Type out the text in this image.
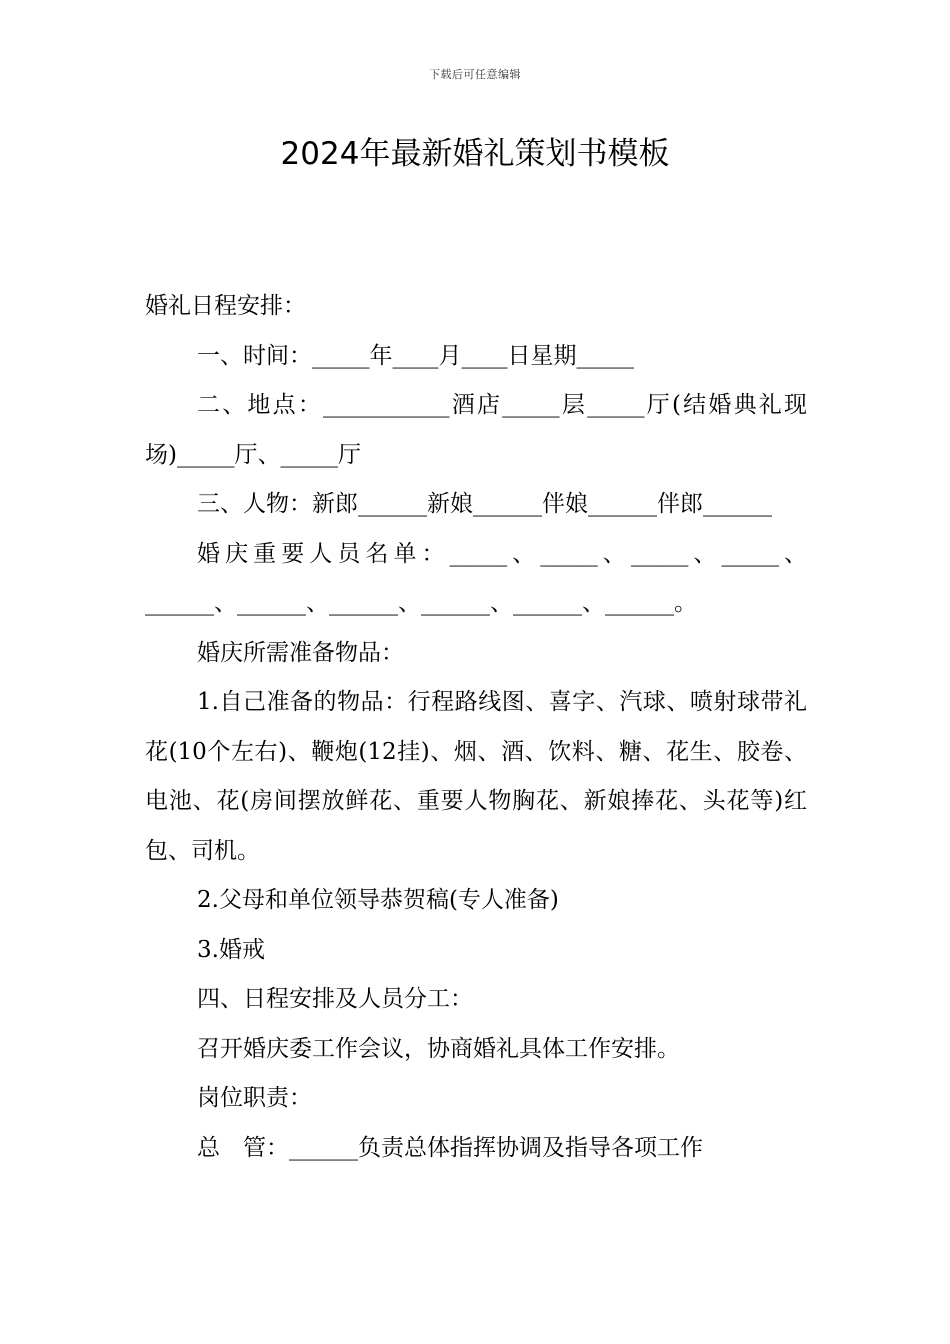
下载后可任意编辑
2024年最新婚礼策划书模板

婚礼日程安排：

一、时间：_____年____月____日星期_____

二、地点：___________酒店_____层_____厅(结婚典礼现场)_____厅、_____厅

三、人物：新郎______新娘______伴娘______伴郎______

婚庆重要人员名单：_____、_____、_____、_____、______、______、______、______、______、______。

婚庆所需准备物品：

1.自己准备的物品：行程路线图、喜字、汽球、喷射球带礼花(10个左右)、鞭炮(12挂)、烟、酒、饮料、糖、花生、胶卷、电池、花(房间摆放鲜花、重要人物胸花、新娘捧花、头花等)红包、司机。

2.父母和单位领导恭贺稿(专人准备)

3.婚戒

四、日程安排及人员分工：

召开婚庆委工作会议，协商婚礼具体工作安排。

岗位职责：

总　管：______负责总体指挥协调及指导各项工作
